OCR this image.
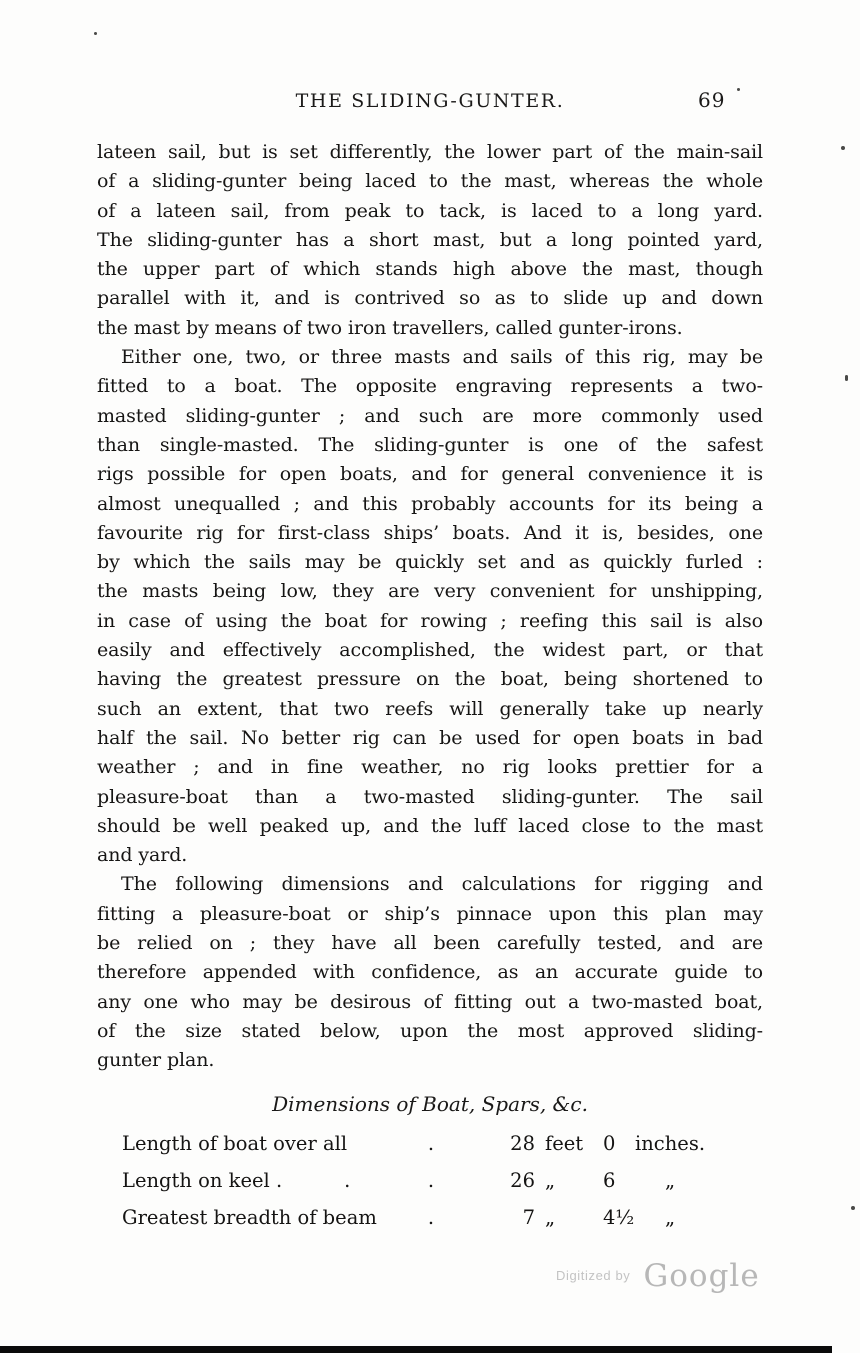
THE SLIDING-GUNTER.	69
lateen sail, but is set differently, the lower part of the main-sail
of a sliding-gunter being laced to the mast, whereas the whole
of a lateen sail, from peak to tack, is laced to a long yard.
The sliding-gunter has a short mast, but a long pointed yard,
the upper part of which stands high above the mast, though
parallel with it, and is contrived so as to slide up and down
the mast by means of two iron travellers, called gunter-irons.
Either one, two, or three masts and sails of this rig, may be
fitted to a boat. The opposite engraving represents a two-
masted sliding-gunter ; and such are more commonly used
than single-masted. The sliding-gunter is one of the safest
rigs possible for open boats, and for general convenience it is
almost unequalled ; and this probably accounts for its being a
favourite rig for first-class ships’ boats. And it is, besides, one
by which the sails may be quickly set and as quickly furled :
the masts being low, they are very convenient for unshipping,
in case of using the boat for rowing ; reefing this sail is also
easily and effectively accomplished, the widest part, or that
having the greatest pressure on the boat, being shortened to
such an extent, that two reefs will generally take up nearly
half the sail. No better rig can be used for open boats in bad
weather ; and in fine weather, no rig looks prettier for a
pleasure-boat than a two-masted sliding-gunter. The sail
should be well peaked up, and the luff laced close to the mast
and yard.
The following dimensions and calculations for rigging and
fitting a pleasure-boat or ship’s pinnace upon this plan may
be relied on ; they have all been carefully tested, and are
therefore appended with confidence, as an accurate guide to
any one who may be desirous of fitting out a two-masted boat,
of the size stated below, upon the most approved sliding-
gunter plan.
Dimensions of Boat, Spars, &c.
Length of boat over all	.	28 feet	0	inches.
Length on keel .          .	.	26 „	6	„
Greatest breadth of beam	.	7 „	4½	„
$^{Digitized by}$ Google
